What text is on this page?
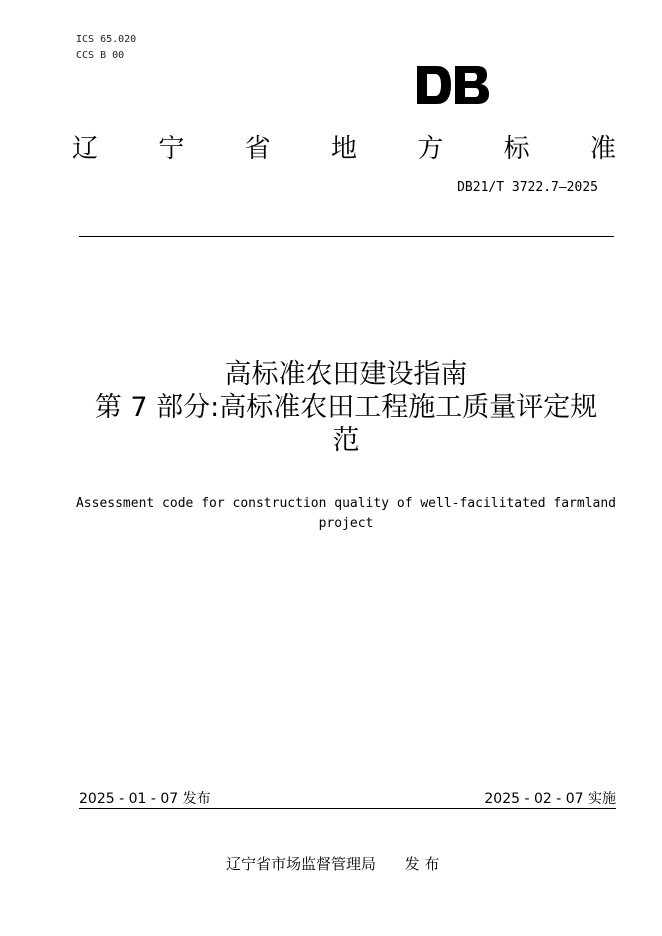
ICS 65.020
CCS B 00
辽 宁 省 地 方 标 准
DB21/T 3722.7—2025
高标准农田建设指南
第 7 部分:高标准农田工程施工质量评定规
范
Assessment code for construction quality of well-facilitated farmland project
2025 - 01 - 07 发布	2025 - 02 - 07 实施
辽宁省市场监督管理局 发 布
